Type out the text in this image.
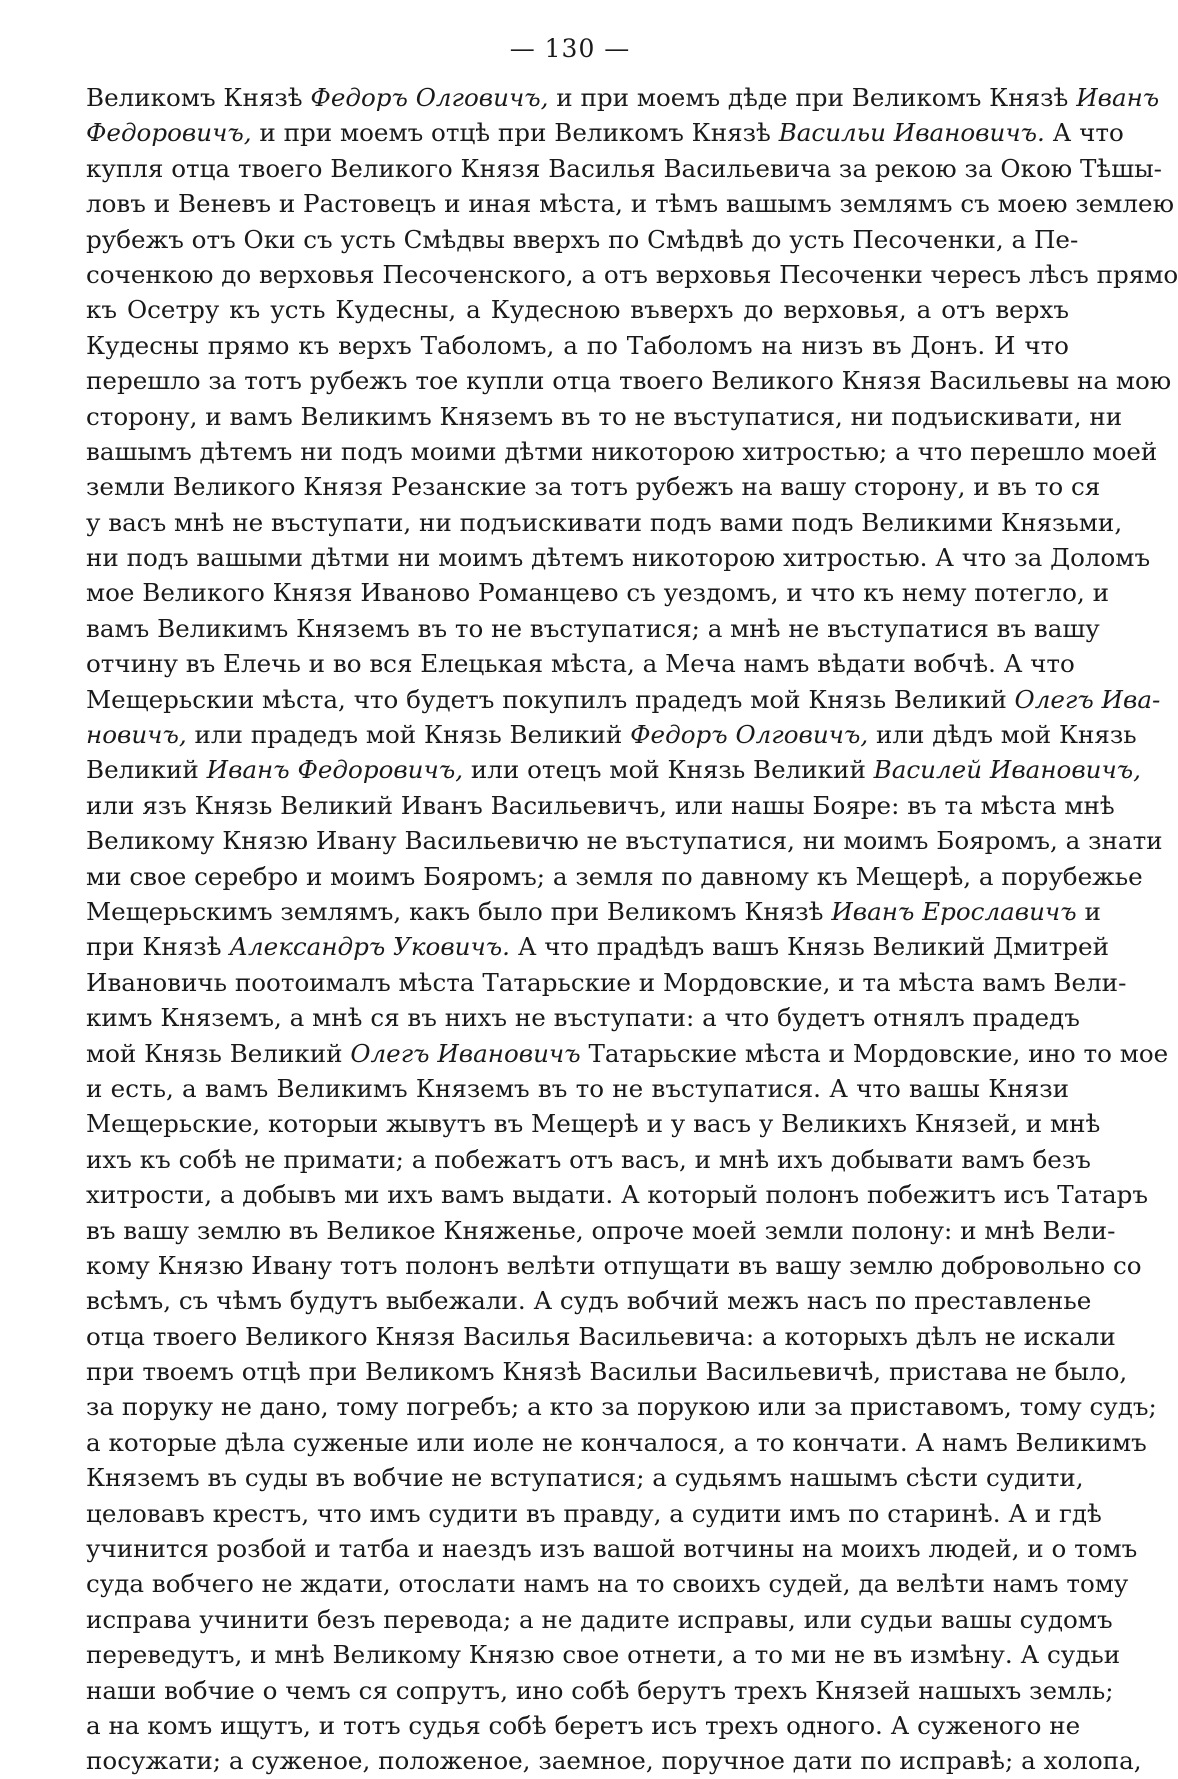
— 130 —
Великомъ Князѣ Федоръ Олговичъ, и при моемъ дѣде при Великомъ Князѣ Иванъ
Федоровичъ, и при моемъ отцѣ при Великомъ Князѣ Васильи Ивановичъ. А что
купля отца твоего Великого Князя Василья Васильевича за рекою за Окою Тѣшы-
ловъ и Веневъ и Растовецъ и иная мѣста, и тѣмъ вашымъ землямъ съ моею землею
рубежъ отъ Оки съ усть Смѣдвы вверхъ по Смѣдвѣ до усть Песоченки, а Пе-
соченкою до верховья Песоченского, а отъ верховья Песоченки чересъ лѣсъ прямо
къ Осетру къ усть Кудесны, а Кудесною въверхъ до верховья, а отъ верхъ
Кудесны прямо къ верхъ Таболомъ, а по Таболомъ на низъ въ Донъ. И что
перешло за тотъ рубежъ тое купли отца твоего Великого Князя Васильевы на мою
сторону, и вамъ Великимъ Княземъ въ то не въступатися, ни подъискивати, ни
вашымъ дѣтемъ ни подъ моими дѣтми никоторою хитростью; а что перешло моей
земли Великого Князя Резанские за тотъ рубежъ на вашу сторону, и въ то ся
у васъ мнѣ не въступати, ни подъискивати подъ вами подъ Великими Князьми,
ни подъ вашыми дѣтми ни моимъ дѣтемъ никоторою хитростью. А что за Доломъ
мое Великого Князя Иваново Романцево съ уездомъ, и что къ нему потегло, и
вамъ Великимъ Княземъ въ то не въступатися; а мнѣ не въступатися въ вашу
отчину въ Елечь и во вся Елецькая мѣста, а Меча намъ вѣдати вобчѣ. А что
Мещерьскии мѣста, что будетъ покупилъ прадедъ мой Князь Великий Олегъ Ива-
новичъ, или прадедъ мой Князь Великий Федоръ Олговичъ, или дѣдъ мой Князь
Великий Иванъ Федоровичъ, или отецъ мой Князь Великий Василей Ивановичъ,
или язъ Князь Великий Иванъ Васильевичъ, или нашы Бояре: въ та мѣста мнѣ
Великому Князю Ивану Васильевичю не въступатися, ни моимъ Бояромъ, а знати
ми свое серебро и моимъ Бояромъ; а земля по давному къ Мещерѣ, а порубежье
Мещерьскимъ землямъ, какъ было при Великомъ Князѣ Иванъ Ерославичъ и
при Князѣ Александръ Уковичъ. А что прадѣдъ вашъ Князь Великий Дмитрей
Ивановичь поотоималъ мѣста Татарьские и Мордовские, и та мѣста вамъ Вели-
кимъ Княземъ, а мнѣ ся въ нихъ не въступати: а что будетъ отнялъ прадедъ
мой Князь Великий Олегъ Ивановичъ Татарьские мѣста и Мордовские, ино то мое
и есть, а вамъ Великимъ Княземъ въ то не въступатися. А что вашы Князи
Мещерьские, которыи жывутъ въ Мещерѣ и у васъ у Великихъ Князей, и мнѣ
ихъ къ собѣ не примати; а побежатъ отъ васъ, и мнѣ ихъ добывати вамъ безъ
хитрости, а добывъ ми ихъ вамъ выдати. А который полонъ побежитъ исъ Татаръ
въ вашу землю въ Великое Княженье, опроче моей земли полону: и мнѣ Вели-
кому Князю Ивану тотъ полонъ велѣти отпущати въ вашу землю добровольно со
всѣмъ, съ чѣмъ будутъ выбежали. А судъ вобчий межъ насъ по преставленье
отца твоего Великого Князя Василья Васильевича: а которыхъ дѣлъ не искали
при твоемъ отцѣ при Великомъ Князѣ Васильи Васильевичѣ, пристава не было,
за поруку не дано, тому погребъ; а кто за порукою или за приставомъ, тому судъ;
а которые дѣла суженые или иоле не кончалося, а то кончати. А намъ Великимъ
Княземъ въ суды въ вобчие не вступатися; а судьямъ нашымъ сѣсти судити,
целовавъ крестъ, что имъ судити въ правду, а судити имъ по старинѣ. А и гдѣ
учинится розбой и татба и наездъ изъ вашой вотчины на моихъ людей, и о томъ
суда вобчего не ждати, отослати намъ на то своихъ судей, да велѣти намъ тому
исправа учинити безъ перевода; а не дадите исправы, или судьи вашы судомъ
переведутъ, и мнѣ Великому Князю свое отнети, а то ми не въ измѣну. А судьи
наши вобчие о чемъ ся сопрутъ, ино собѣ берутъ трехъ Князей нашыхъ земль;
а на комъ ищутъ, и тотъ судья собѣ беретъ исъ трехъ одного. А суженого не
посужати; а суженое, положеное, заемное, поручное дати по исправѣ; а холопа,
